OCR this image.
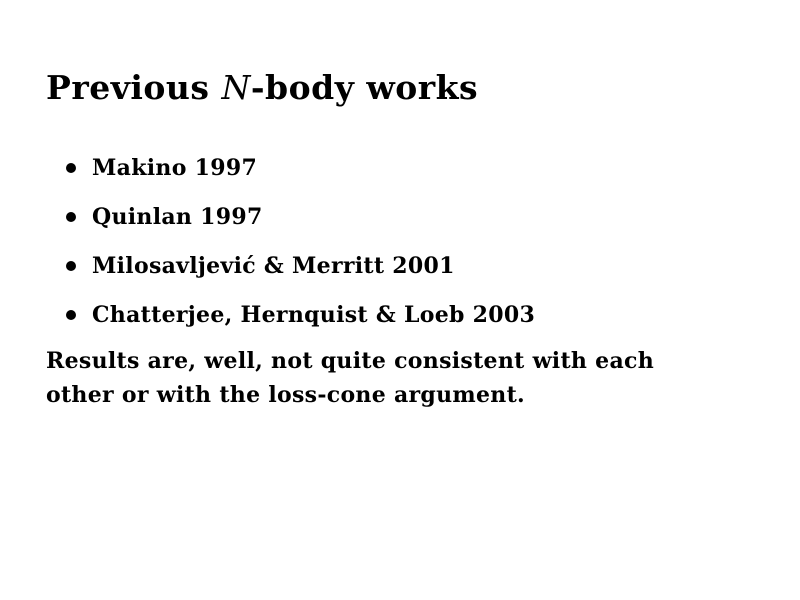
Previous N-body works
Makino 1997
Quinlan 1997
Milosavljević & Merritt 2001
Chatterjee, Hernquist & Loeb 2003

Results are, well, not quite consistent with each
other or with the loss-cone argument.
